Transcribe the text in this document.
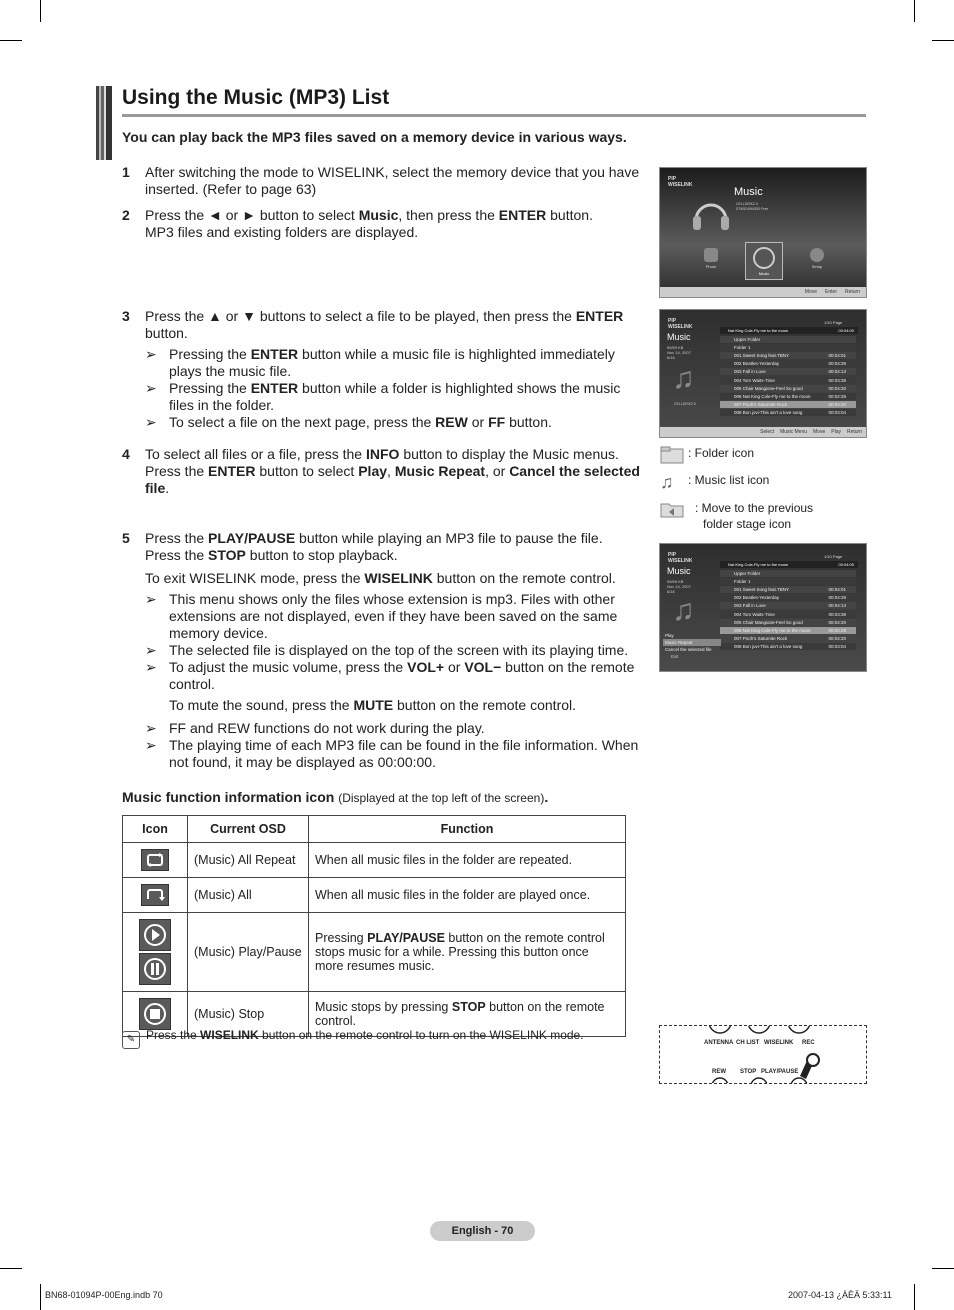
Using the Music (MP3) List
You can play back the MP3 files saved on a memory device in various ways.
1 After switching the mode to WISELINK, select the memory device that you have inserted. (Refer to page 63)
2 Press the ◄ or ► button to select Music, then press the ENTER button.
MP3 files and existing folders are displayed.
3 Press the ▲ or ▼ buttons to select a file to be played, then press the ENTER button.
➢ Pressing the ENTER button while a music file is highlighted immediately plays the music file.
➢ Pressing the ENTER button while a folder is highlighted shows the music files in the folder.
➢ To select a file on the next page, press the REW or FF button.
4 To select all files or a file, press the INFO button to display the Music menus. Press the ENTER button to select Play, Music Repeat, or Cancel the selected file.
5 Press the PLAY/PAUSE button while playing an MP3 file to pause the file. Press the STOP button to stop playback.
To exit WISELINK mode, press the WISELINK button on the remote control.
➢ This menu shows only the files whose extension is mp3. Files with other extensions are not displayed, even if they have been saved on the same memory device.
➢ The selected file is displayed on the top of the screen with its playing time.
➢ To adjust the music volume, press the VOL+ or VOL− button on the remote control.
To mute the sound, press the MUTE button on the remote control.
➢ FF and REW functions do not work during the play.
➢ The playing time of each MP3 file can be found in the file information. When not found, it may be displayed as 00:00:00.
Music function information icon (Displayed at the top left of the screen).
Icon	Current OSD	Function

	(Music) All Repeat	When all music files in the folder are repeated.

	(Music) All	When all music files in the folder are played once.

	(Music) Play/Pause	Pressing PLAY/PAUSE button on the remote control stops music for a while. Pressing this button once more resumes music.

	(Music) Stop	Music stops by pressing STOP button on the remote control.
✎ Press the WISELINK button on the remote control to turn on the WISELINK mode.
PIP
WISELINK
Music
CELLDISK2.0
STARDISK/830 Free
Photo
Music
Setup
Move Enter Return
PIP
WISELINK
Music
59/59 KB
Nov 14, 2007
6/16
♫
CELLDISK2.0
Nat King Cole-Fly me to the moon	00:04:00
1/10 Page
Upper Folder
Folder 1
001 Sweet Song feat.TBNY	00:04:01
002 Beatles-Yesterday	00:04:28
003 Fall in Love	00:04:13
004 Tom Waits-Time	00:03:39
005 Chair Mangione-Feel So good	00:04:20
006 Nat King Cole-Fly me to the moon	00:02:29
007 Pooh's Saturnite Rock	00:04:20
008 Bon jovi-This ain't a love song	00:03:04
Select Music Menu Move Play Return
: Folder icon
♫	: Music list icon
: Move to the previous
folder stage icon
PIP
WISELINK
Music
59/59 KB
Nov 14, 2007
6/16
♫
Nat King Cole-Fly me to the moon	00:04:00
1/10 Page
Upper Folder
Folder 1
001 Sweet Song feat.TBNY	00:04:01
002 Beatles-Yesterday	00:04:28
003 Fall in Love	00:04:13
004 Tom Waits-Time	00:03:39
005 Chair Mangione-Feel So good	00:04:20
006 Nat King Cole-Fly me to the moon	00:02:29
007 Pooh's Saturnite Rock	00:04:20
008 Bon jovi-This ain't a love song	00:03:04
Play
Music Repeat
Cancel the selected file
Exit
ANTENNA CH LIST WISELINK REC
REW STOP PLAY/PAUSE
English - 70
BN68-01094P-00Eng.indb 70	2007-04-13 ¿ÀÈÄ 5:33:11
